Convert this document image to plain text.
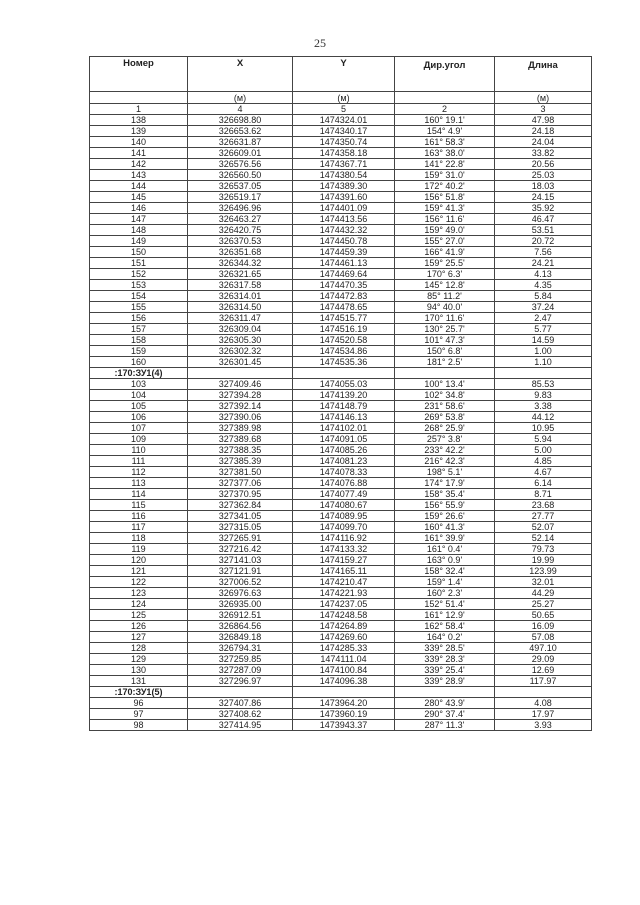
25
Номер	X	Y	Дир.угол	Длина
	(м)	(м)		(м)
1	4	5	2	3
138	326698.80	1474324.01	160° 19.1'	47.98
139	326653.62	1474340.17	154° 4.9'	24.18
140	326631.87	1474350.74	161° 58.3'	24.04
141	326609.01	1474358.18	163° 38.0'	33.82
142	326576.56	1474367.71	141° 22.8'	20.56
143	326560.50	1474380.54	159° 31.0'	25.03
144	326537.05	1474389.30	172° 40.2'	18.03
145	326519.17	1474391.60	156° 51.8'	24.15
146	326496.96	1474401.09	159° 41.3'	35.92
147	326463.27	1474413.56	156° 11.6'	46.47
148	326420.75	1474432.32	159° 49.0'	53.51
149	326370.53	1474450.78	155° 27.0'	20.72
150	326351.68	1474459.39	166° 41.9'	7.56
151	326344.32	1474461.13	159° 25.5'	24.21
152	326321.65	1474469.64	170° 6.3'	4.13
153	326317.58	1474470.35	145° 12.8'	4.35
154	326314.01	1474472.83	85° 11.2'	5.84
155	326314.50	1474478.65	94° 40.0'	37.24
156	326311.47	1474515.77	170° 11.6'	2.47
157	326309.04	1474516.19	130° 25.7'	5.77
158	326305.30	1474520.58	101° 47.3'	14.59
159	326302.32	1474534.86	150° 6.8'	1.00
160	326301.45	1474535.36	181° 2.5'	1.10
:170:ЗУ1(4)				
103	327409.46	1474055.03	100° 13.4'	85.53
104	327394.28	1474139.20	102° 34.8'	9.83
105	327392.14	1474148.79	231° 58.6'	3.38
106	327390.06	1474146.13	269° 53.8'	44.12
107	327389.98	1474102.01	268° 25.9'	10.95
109	327389.68	1474091.05	257° 3.8'	5.94
110	327388.35	1474085.26	233° 42.2'	5.00
111	327385.39	1474081.23	216° 42.3'	4.85
112	327381.50	1474078.33	198° 5.1'	4.67
113	327377.06	1474076.88	174° 17.9'	6.14
114	327370.95	1474077.49	158° 35.4'	8.71
115	327362.84	1474080.67	156° 55.9'	23.68
116	327341.05	1474089.95	159° 26.6'	27.77
117	327315.05	1474099.70	160° 41.3'	52.07
118	327265.91	1474116.92	161° 39.9'	52.14
119	327216.42	1474133.32	161° 0.4'	79.73
120	327141.03	1474159.27	163° 0.9'	19.99
121	327121.91	1474165.11	158° 32.4'	123.99
122	327006.52	1474210.47	159° 1.4'	32.01
123	326976.63	1474221.93	160° 2.3'	44.29
124	326935.00	1474237.05	152° 51.4'	25.27
125	326912.51	1474248.58	161° 12.9'	50.65
126	326864.56	1474264.89	162° 58.4'	16.09
127	326849.18	1474269.60	164° 0.2'	57.08
128	326794.31	1474285.33	339° 28.5'	497.10
129	327259.85	1474111.04	339° 28.3'	29.09
130	327287.09	1474100.84	339° 25.4'	12.69
131	327296.97	1474096.38	339° 28.9'	117.97
:170:ЗУ1(5)				
96	327407.86	1473964.20	280° 43.9'	4.08
97	327408.62	1473960.19	290° 37.4'	17.97
98	327414.95	1473943.37	287° 11.3'	3.93
